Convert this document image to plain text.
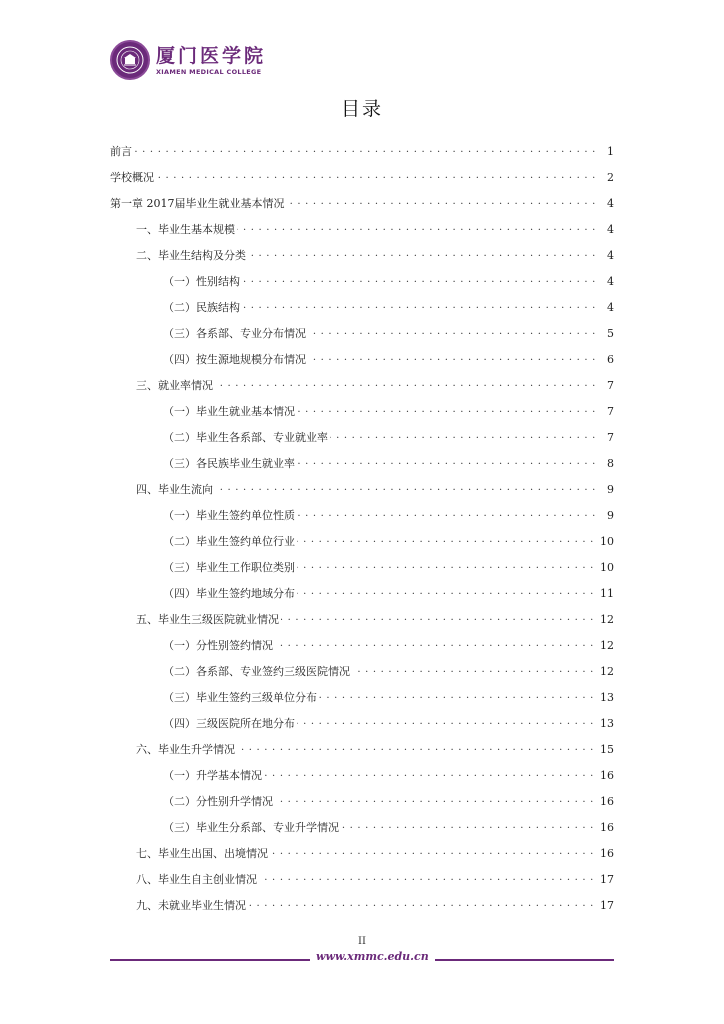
厦门医学院
XIAMEN MEDICAL COLLEGE
目录
前言 . . .	1
学校概况 . . .	2
第一章 2017届毕业生就业基本情况 . . .	4
一、毕业生基本规模 . . .	4
二、毕业生结构及分类 . . .	4
（一）性别结构 . . .	4
（二）民族结构 . . .	4
（三）各系部、专业分布情况 . . .	5
（四）按生源地规模分布情况 . . .	6
三、就业率情况 . . .	7
（一）毕业生就业基本情况 . . .	7
（二）毕业生各系部、专业就业率 . . .	7
（三）各民族毕业生就业率 . . .	8
四、毕业生流向 . . .	9
（一）毕业生签约单位性质 . . .	9
（二）毕业生签约单位行业 . . .	10
（三）毕业生工作职位类别 . . .	10
（四）毕业生签约地域分布 . . .	11
五、毕业生三级医院就业情况 . . .	12
（一）分性别签约情况 . . .	12
（二）各系部、专业签约三级医院情况 . . .	12
（三）毕业生签约三级单位分布 . . .	13
（四）三级医院所在地分布 . . .	13
六、毕业生升学情况 . . .	15
（一）升学基本情况 . . .	16
（二）分性别升学情况 . . .	16
（三）毕业生分系部、专业升学情况 . . .	16
七、毕业生出国、出境情况 . . .	16
八、毕业生自主创业情况 . . .	17
九、未就业毕业生情况 . . .	17
II
www.xmmc.edu.cn
